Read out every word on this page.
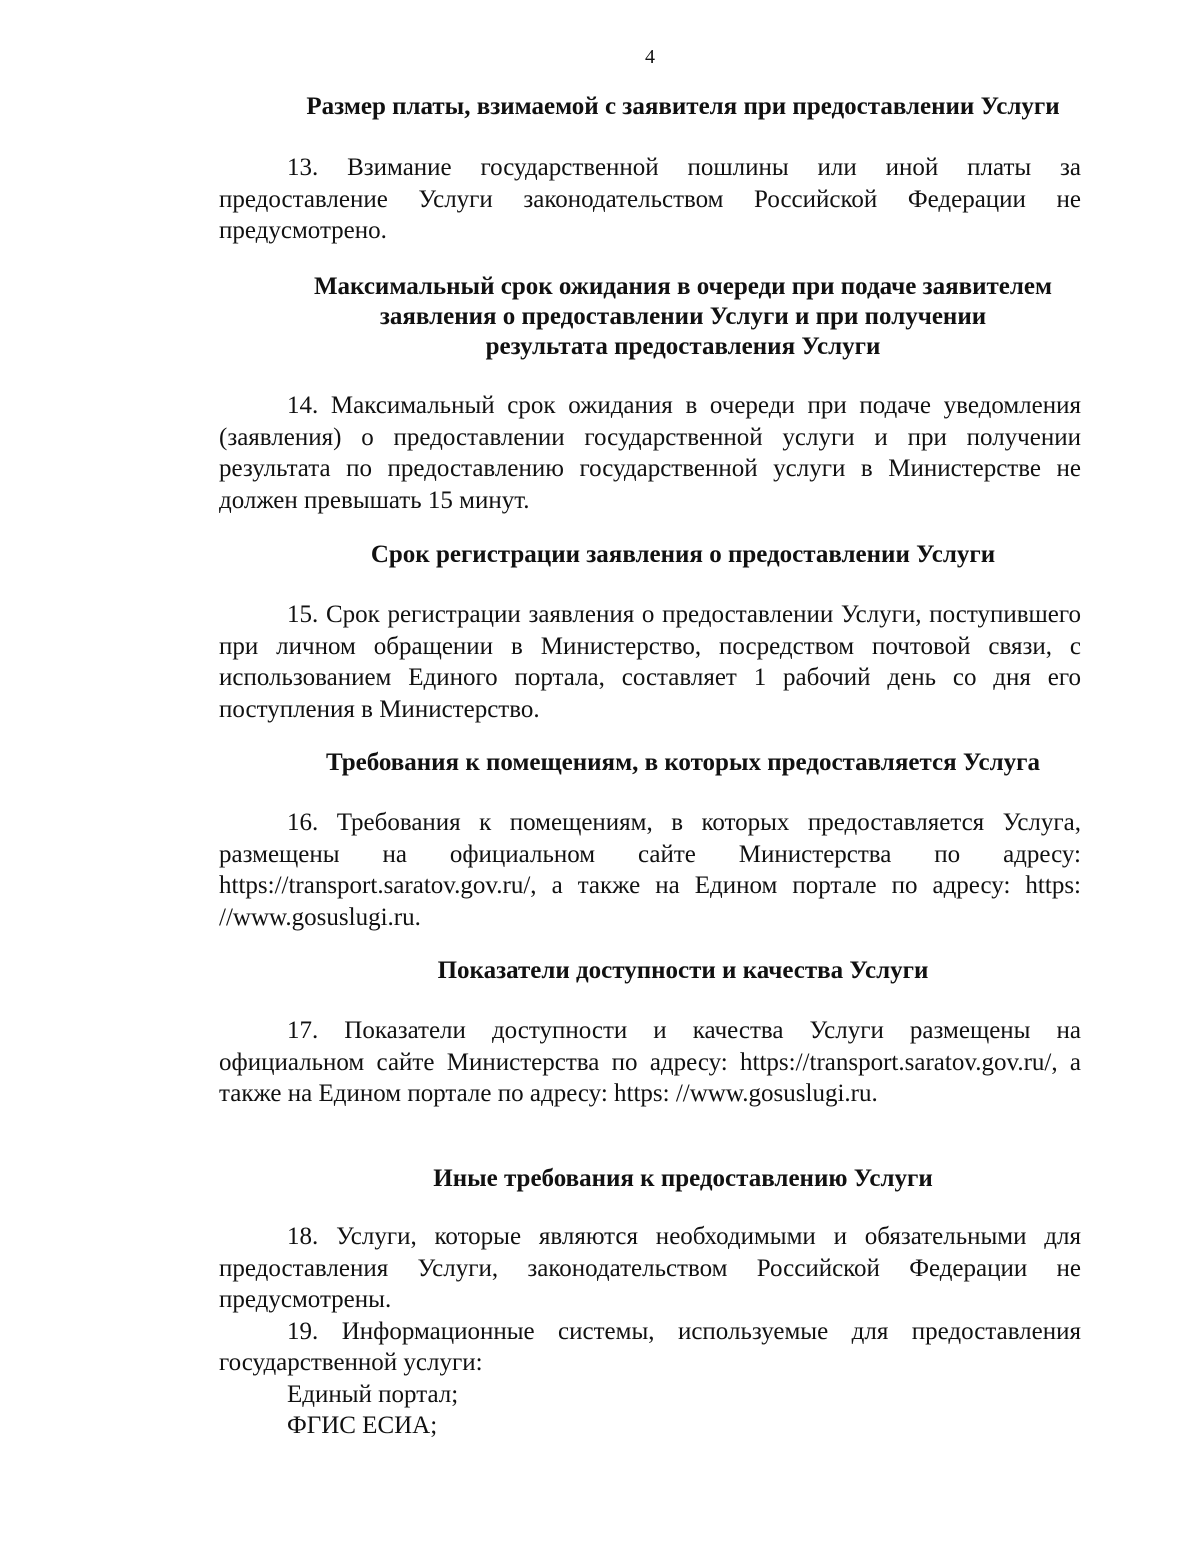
4
Размер платы, взимаемой с заявителя при предоставлении Услуги

13. Взимание государственной пошлины или иной платы за предоставление Услуги законодательством Российской Федерации не предусмотрено.

Максимальный срок ожидания в очереди при подаче заявителем
заявления о предоставлении Услуги и при получении
результата предоставления Услуги

14. Максимальный срок ожидания в очереди при подаче уведомления (заявления) о предоставлении государственной услуги и при получении результата по предоставлению государственной услуги в Министерстве не должен превышать 15 минут.

Срок регистрации заявления о предоставлении Услуги

15. Срок регистрации заявления о предоставлении Услуги, поступившего при личном обращении в Министерство, посредством почтовой связи, с использованием Единого портала, составляет 1 рабочий день со дня его поступления в Министерство.

Требования к помещениям, в которых предоставляется Услуга

16. Требования к помещениям, в которых предоставляется Услуга, размещены на официальном сайте Министерства по адресу: https://transport.saratov.gov.ru/, а также на Едином портале по адресу: https: //www.gosuslugi.ru.

Показатели доступности и качества Услуги

17. Показатели доступности и качества Услуги размещены на официальном сайте Министерства по адресу: https://transport.saratov.gov.ru/, а также на Едином портале по адресу: https: //www.gosuslugi.ru.

Иные требования к предоставлению Услуги

18. Услуги, которые являются необходимыми и обязательными для предоставления Услуги, законодательством Российской Федерации не предусмотрены.

19. Информационные системы, используемые для предоставления государственной услуги:

Единый портал;

ФГИС ЕСИА;
